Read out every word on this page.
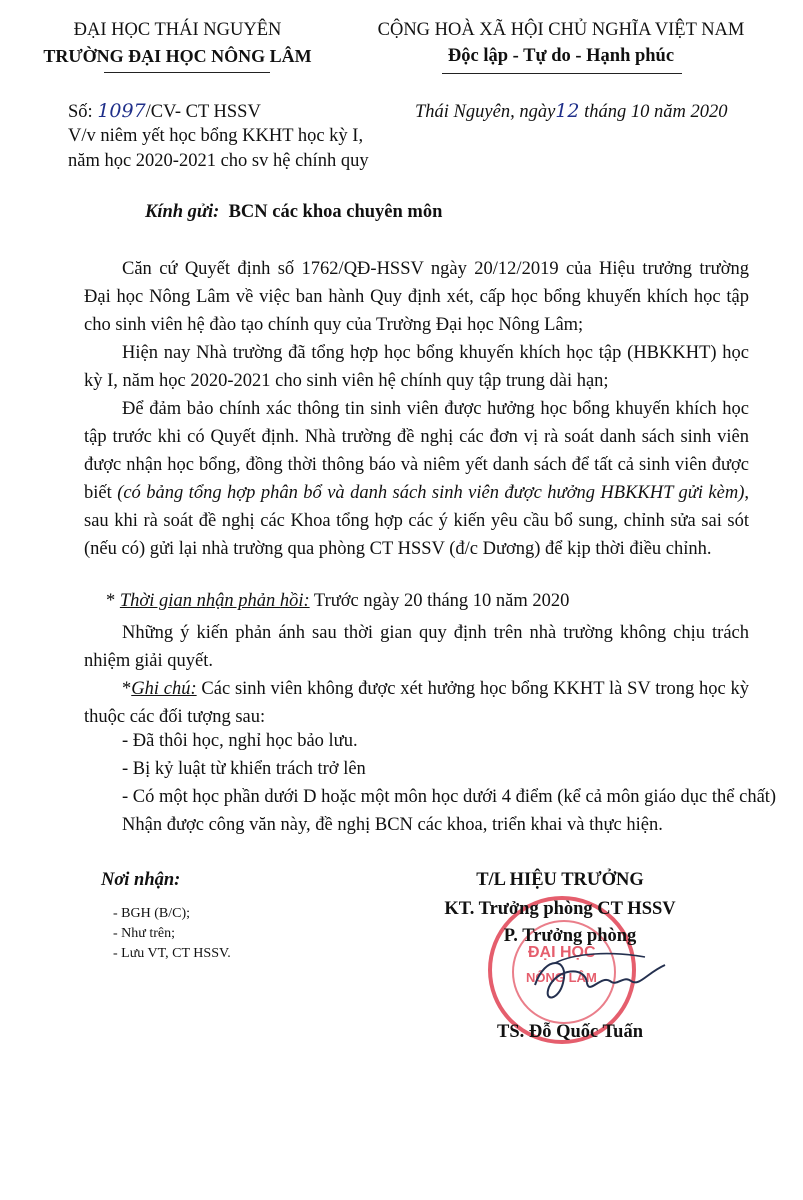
ĐẠI HỌC THÁI NGUYÊN
TRƯỜNG ĐẠI HỌC NÔNG LÂM
CỘNG HOÀ XÃ HỘI CHỦ NGHĨA VIỆT NAM
Độc lập - Tự do - Hạnh phúc
Số: 1097/CV- CT HSSV	Thái Nguyên, ngày12 tháng 10 năm 2020
V/v niêm yết học bổng KKHT học kỳ I,
năm học 2020-2021 cho sv hệ chính quy
Kính gửi: BCN các khoa chuyên môn
Căn cứ Quyết định số 1762/QĐ-HSSV ngày 20/12/2019 của Hiệu trưởng trường Đại học Nông Lâm về việc ban hành Quy định xét, cấp học bổng khuyến khích học tập cho sinh viên hệ đào tạo chính quy của Trường Đại học Nông Lâm;
Hiện nay Nhà trường đã tổng hợp học bổng khuyến khích học tập (HBKKHT) học kỳ I, năm học 2020-2021 cho sinh viên hệ chính quy tập trung dài hạn;
Để đảm bảo chính xác thông tin sinh viên được hưởng học bổng khuyến khích học tập trước khi có Quyết định. Nhà trường đề nghị các đơn vị rà soát danh sách sinh viên được nhận học bổng, đồng thời thông báo và niêm yết danh sách để tất cả sinh viên được biết (có bảng tổng hợp phân bổ và danh sách sinh viên được hưởng HBKKHT gửi kèm), sau khi rà soát đề nghị các Khoa tổng hợp các ý kiến yêu cầu bổ sung, chỉnh sửa sai sót (nếu có) gửi lại nhà trường qua phòng CT HSSV (đ/c Dương) để kịp thời điều chỉnh.
* Thời gian nhận phản hồi: Trước ngày 20 tháng 10 năm 2020
Những ý kiến phản ánh sau thời gian quy định trên nhà trường không chịu trách nhiệm giải quyết.
*Ghi chú: Các sinh viên không được xét hưởng học bổng KKHT là SV trong học kỳ thuộc các đối tượng sau:
- Đã thôi học, nghỉ học bảo lưu.
- Bị kỷ luật từ khiển trách trở lên
- Có một học phần dưới D hoặc một môn học dưới 4 điểm (kể cả môn giáo dục thể chất)
Nhận được công văn này, đề nghị BCN các khoa, triển khai và thực hiện.
Nơi nhận:
- BGH (B/C);
- Như trên;
- Lưu VT, CT HSSV.	ĐẠI HỌC
NÔNG LÂM
T/L HIỆU TRƯỞNG
KT. Trưởng phòng CT HSSV
P. Trưởng phòng
TS. Đỗ Quốc Tuấn
